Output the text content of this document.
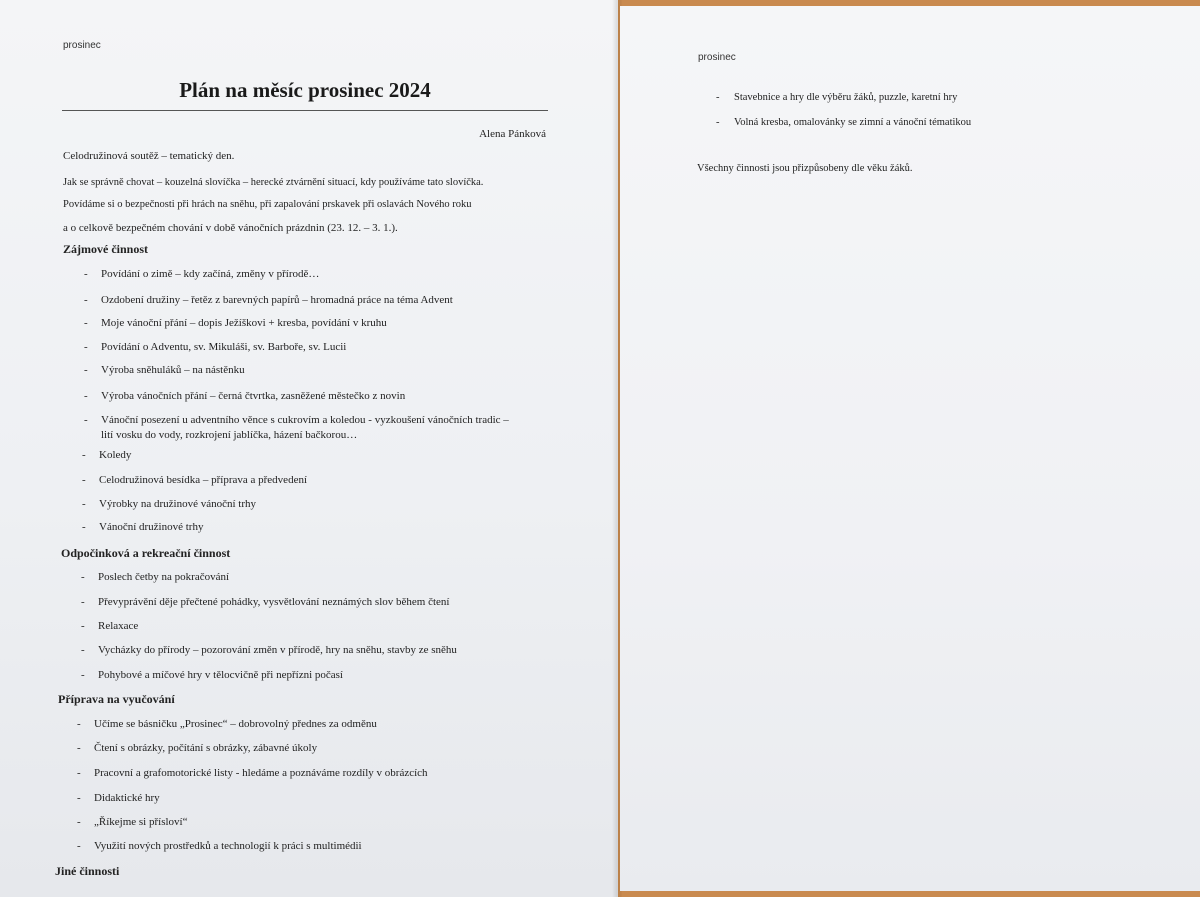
prosinec
Plán na měsíc prosinec 2024
Alena Pánková
Celodružinová soutěž – tematický den.
Jak se správně chovat – kouzelná slovíčka – herecké ztvárnění situací, kdy používáme tato slovíčka.
Povídáme si o bezpečnosti při hrách na sněhu, při zapalování prskavek při oslavách Nového roku
a o celkově bezpečném chování v době vánočních prázdnin (23. 12. – 3. 1.).
Zájmové činnost
- Povídání o zimě – kdy začíná, změny v přírodě…
- Ozdobení družiny – řetěz z barevných papírů – hromadná práce na téma Advent
- Moje vánoční přání – dopis Ježíškovi + kresba, povídání v kruhu
- Povídání o Adventu, sv. Mikuláši, sv. Barboře, sv. Lucii
- Výroba sněhuláků – na nástěnku
- Výroba vánočních přání – černá čtvrtka, zasněžené městečko z novin
- Vánoční posezení u adventního věnce s cukrovím a koledou - vyzkoušení vánočních tradic –
lití vosku do vody, rozkrojení jablíčka, házení bačkorou…
- Koledy
- Celodružinová besídka – příprava a předvedení
- Výrobky na družinové vánoční trhy
- Vánoční družinové trhy
Odpočinková a rekreační činnost
- Poslech četby na pokračování
- Převyprávění děje přečtené pohádky, vysvětlování neznámých slov během čtení
- Relaxace
- Vycházky do přírody – pozorování změn v přírodě, hry na sněhu, stavby ze sněhu
- Pohybové a míčové hry v tělocvičně při nepřízni počasí
Příprava na vyučování
- Učíme se básničku „Prosinec“ – dobrovolný přednes za odměnu
- Čtení s obrázky, počítání s obrázky, zábavné úkoly
- Pracovní a grafomotorické listy - hledáme a poznáváme rozdíly v obrázcích
- Didaktické hry
- „Říkejme si přísloví“
- Využití nových prostředků a technologií k práci s multimédii
Jiné činnosti
prosinec
- Stavebnice a hry dle výběru žáků, puzzle, karetní hry
- Volná kresba, omalovánky se zimní a vánoční tématikou
Všechny činnosti jsou přizpůsobeny dle věku žáků.
